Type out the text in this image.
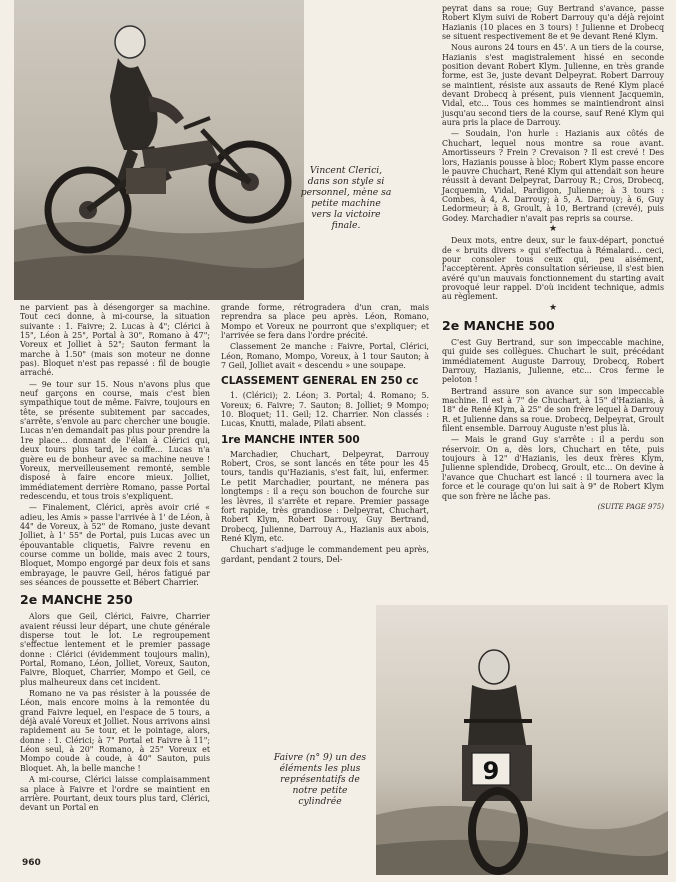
Vincent Clerici, dans son style si personnel, mène sa petite machine vers la victoire finale.

ne parvient pas à désengorger sa machine. Tout ceci donne, à mi-course, la situation suivante : 1. Faivre; 2. Lucas à 4"; Clérici à 15", Léon à 25", Portal à 30", Romano à 47"; Voreux et Jolliet à 52"; Sauton fermant la marche à 1.50" (mais son moteur ne donne pas). Bloquet n'est pas repassé : fil de bougie arraché.

— 9e tour sur 15. Nous n'avons plus que neuf garçons en course, mais c'est bien sympathique tout de même. Faivre, toujours en tête, se présente subitement par saccades, s'arrête, s'envole au parc chercher une bougie. Lucas n'en demandait pas plus pour prendre la 1re place... donnant de l'élan à Clérici qui, deux tours plus tard, le coiffe... Lucas n'a guère eu de bonheur avec sa machine neuve ! Voreux, merveilleusement remonté, semble disposé à faire encore mieux. Jolliet, immédiatement derrière Romano, passe Portal redescendu, et tous trois s'expliquent.

— Finalement, Clérici, après avoir crié « adieu, les Amis » passe l'arrivée à 1' de Léon, à 44" de Voreux, à 52" de Romano, juste devant Jolliet, à 1' 55" de Portal, puis Lucas avec un épouvantable cliquetis, Faivre revenu en course comme un bolide, mais avec 2 tours, Bloquet, Mompo engorgé par deux fois et sans embrayage, le pauvre Geil, héros fatigué par ses séances de poussette et Bébert Charrier.

2e MANCHE 250

Alors que Geil, Clérici, Faivre, Charrier avaient réussi leur départ, une chute générale disperse tout le lot. Le regroupement s'effectue lentement et le premier passage donne : Clérici (évidemment toujours malin), Portal, Romano, Léon, Jolliet, Voreux, Sauton, Faivre, Bloquet, Charrier, Mompo et Geil, ce plus malheureux dans cet incident.

Romano ne va pas résister à la poussée de Léon, mais encore moins à la remontée du grand Faivre lequel, en l'espace de 5 tours, a déjà avalé Voreux et Jolliet. Nous arrivons ainsi rapidement au 5e tour, et le pointage, alors, donne : 1. Clérici; à 7" Portal et Faivre à 11"; Léon seul, à 20" Romano, à 25" Voreux et Mompo coude à coude, à 40" Sauton, puis Bloquet. Ah, la belle manche !

A mi-course, Clérici laisse complaisamment sa place à Faivre et l'ordre se maintient en arrière. Pourtant, deux tours plus tard, Clérici, devant un Portal en

grande forme, rétrogradera d'un cran, mais reprendra sa place peu après. Léon, Romano, Mompo et Voreux ne pourront que s'expliquer; et l'arrivée se fera dans l'ordre précité.

Classement 2e manche : Faivre, Portal, Clérici, Léon, Romano, Mompo, Voreux, à 1 tour Sauton; à 7 Geil, Jolliet avait « descendu » une soupape.

CLASSEMENT GENERAL EN 250 cc

1. (Clérici); 2. Léon; 3. Portal; 4. Romano; 5. Voreux; 6. Faivre; 7. Sauton; 8. Jolliet; 9 Mompo; 10. Bloquet; 11. Geil; 12. Charrier. Non classés : Lucas, Knutti, malade, Pilati absent.

1re MANCHE INTER 500

Marchadier, Chuchart, Delpeyrat, Darrouy Robert, Cros, se sont lancés en tête pour les 45 tours, tandis qu'Hazianis, s'est fait, lui, enfermer. Le petit Marchadier, pourtant, ne ménera pas longtemps : il a reçu son bouchon de fourche sur les lèvres, il s'arrête et repare. Premier passage fort rapide, très grandiose : Delpeyrat, Chuchart, Robert Klym, Robert Darrouy, Guy Bertrand, Drobecq, Julienne, Darrouy A., Hazianis aux abois, René Klym, etc.

Chuchart s'adjuge le commandement peu après, gardant, pendant 2 tours, Del-

9
Faivre (n° 9) un des éléments les plus représentatifs de notre petite cylindrée

peyrat dans sa roue; Guy Bertrand s'avance, passe Robert Klym suivi de Robert Darrouy qu'a déjà rejoint Hazianis (10 places en 3 tours) ! Julienne et Drobecq se situent respectivement 8e et 9e devant René Klym.

Nous aurons 24 tours en 45'. A un tiers de la course, Hazianis s'est magistralement hissé en seconde position devant Robert Klym. Julienne, en très grande forme, est 3e, juste devant Delpeyrat. Robert Darrouy se maintient, résiste aux assauts de René Klym placé devant Drobecq à présent, puis viennent Jacquemin, Vidal, etc... Tous ces hommes se maintiendront ainsi jusqu'au second tiers de la course, sauf René Klym qui aura pris la place de Darrouy.

— Soudain, l'on hurle : Hazianis aux côtés de Chuchart, lequel nous montre sa roue avant. Amortisseurs ? Frein ? Crevaison ? Il est crevé ! Des lors, Hazianis pousse à bloc; Robert Klym passe encore le pauvre Chuchart, René Klym qui attendait son heure réussit à devant Delpeyrat, Darrouy R.; Cros, Drobecq, Jacquemin, Vidal, Pardigon, Julienne; à 3 tours : Combes, à 4, A. Darrouy; à 5, A. Darrouy; à 6, Guy Ledormeur; à 8, Groult, à 10, Bertrand (crevé), puis Godey. Marchadier n'avait pas repris sa course.

★

Deux mots, entre deux, sur le faux-départ, ponctué de « bruits divers » qui s'effectua à Rémalard... ceci, pour consoler tous ceux qui, peu aisément, l'acceptèrent. Après consultation sérieuse, il s'est bien avéré qu'un mauvais fonctionnement du starting avait provoqué leur rappel. D'où incident technique, admis au règlement.

★

2e MANCHE 500

C'est Guy Bertrand, sur son impeccable machine, qui guide ses collègues. Chuchart le suit, précédant immédiatement Auguste Darrouy, Drobecq, Robert Darrouy, Hazianis, Julienne, etc... Cros ferme le peloton !

Bertrand assure son avance sur son impeccable machine. Il est à 7" de Chuchart, à 15" d'Hazianis, à 18" de René Klym, à 25" de son frère lequel à Darrouy R. et Julienne dans sa roue. Drobecq, Delpeyrat, Groult filent ensemble. Darrouy Auguste n'est plus là.

— Mais le grand Guy s'arrête : il a perdu son réservoir. On a, dès lors, Chuchart en tête, puis toujours à 12" d'Hazianis, les deux frères Klym, Julienne splendide, Drobecq, Groult, etc... On devine à l'avance que Chuchart est lancé : il tournera avec la force et le courage qu'on lui sait à 9" de Robert Klym que son frère ne lâche pas.

(SUITE PAGE 975)

960
